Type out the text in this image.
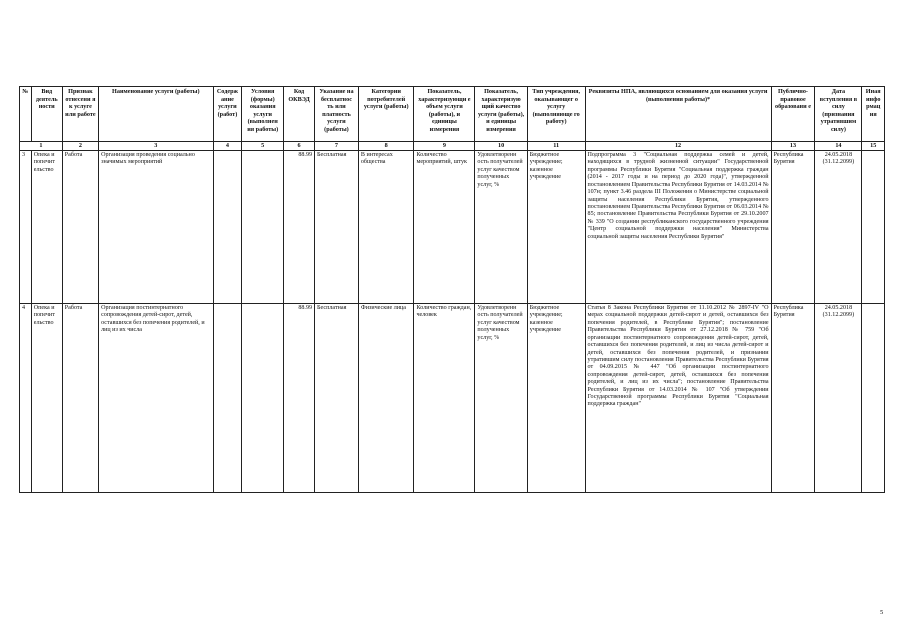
№	Вид деятель ности	Признак отнесени я к услуге или работе	Наименование услуги (работы)	Содерж ание услуги (работ)	Условия (формы) оказания услуги (выполнен ия работы)	Код ОКВЭД	Указание на бесплатнос ть или платность услуги (работы)	Категории потребителей услуги (работы)	Показатель, характеризующи е объем услуги (работы), и единицы измерения	Показатель, характеризую щий качество услуги (работы), и единицы измерения	Тип учреждения, оказывающег о услугу (выполняюще го работу)	Реквизиты НПА, являющихся основанием для оказания услуги (выполнения работы)*	Публично-правовое образовани е	Дата вступления в силу (признания утратившим силу)	Иная инфо рмац ия
1		2	3	4	5	6	7	8	9	10	11	12	13	14	15
3	Опека и попечит ельство	Работа	Организация проведения социально значимых мероприятий			88.99	Бесплатная	В интересах общества	Количество мероприятий, штук	Удовлетворенн ость получателей услуг качеством полученных услуг, %	Бюджетное учреждение; казенное учреждение	Подпрограмма 3 "Социальная поддержка семей и детей, находящихся в трудной жизненной ситуации" Государственной программы Республики Бурятия "Социальная поддержка граждан (2014 - 2017 годы и на период до 2020 года)", утвержденной постановлением Правительства Республики Бурятия от 14.03.2014 № 107н; пункт 3.46 раздела III Положения о Министерстве социальной защиты населения Республики Бурятия, утвержденного постановлением Правительства Республики Бурятия от 06.03.2014 № 85; постановление Правительства Республики Бурятия от 29.10.2007 № 339 "О создании республиканского государственного учреждения "Центр социальной поддержки населения" Министерства социальной защиты населения Республики Бурятия"	Республика Бурятия	24.05.2018 (31.12.2099)	
4	Опека и попечит ельство	Работа	Организация постинтернатного сопровождения детей-сирот, детей, оставшихся без попечения родителей, и лиц из их числа			88.99	Бесплатная	Физические лица	Количество граждан, человек	Удовлетворенн ость получателей услуг качеством полученных услуг, %	Бюджетное учреждение; казенное учреждение	Статья 8 Закона Республики Бурятия от 11.10.2012 № 2897-IV "О мерах социальной поддержки детей-сирот и детей, оставшихся без попечения родителей, в Республике Бурятия"; постановление Правительства Республики Бурятия от 27.12.2018 № 759 "Об организации постинтернатного сопровождения детей-сирот, детей, оставшихся без попечения родителей, и лиц из числа детей-сирот и детей, оставшихся без попечения родителей, и признании утратившим силу постановления Правительства Республики Бурятия от 04.09.2015 № 447 "Об организации постинтернатного сопровождения детей-сирот, детей, оставшихся без попечения родителей, и лиц из их числа"; постановление Правительства Республики Бурятия от 14.03.2014 № 107 "Об утверждении Государственной программы Республики Бурятия "Социальная поддержка граждан"	Республика Бурятия	24.05.2018 (31.12.2099)	
5
